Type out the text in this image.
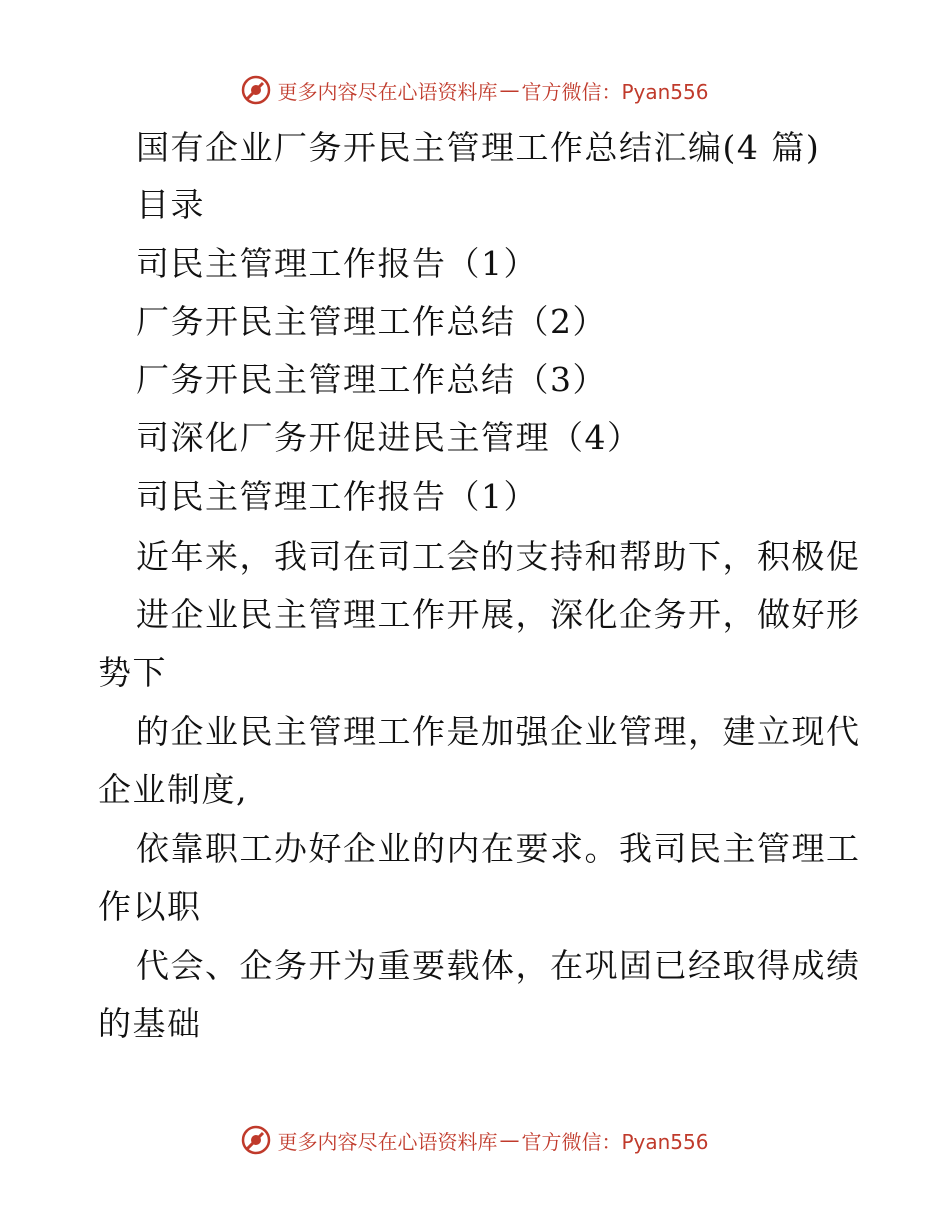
更多内容尽在心语资料库 — 官方微信：Pyan556
国有企业厂务开民主管理工作总结汇编(4 篇)
目录
司民主管理工作报告（1）
厂务开民主管理工作总结（2）
厂务开民主管理工作总结（3）
司深化厂务开促进民主管理（4）
司民主管理工作报告（1）
近年来，我司在司工会的支持和帮助下，积极促
进企业民主管理工作开展，深化企务开，做好形
势下
的企业民主管理工作是加强企业管理，建立现代
企业制度,
依靠职工办好企业的内在要求。我司民主管理工
作以职
代会、企务开为重要载体，在巩固已经取得成绩
的基础
更多内容尽在心语资料库 — 官方微信：Pyan556
